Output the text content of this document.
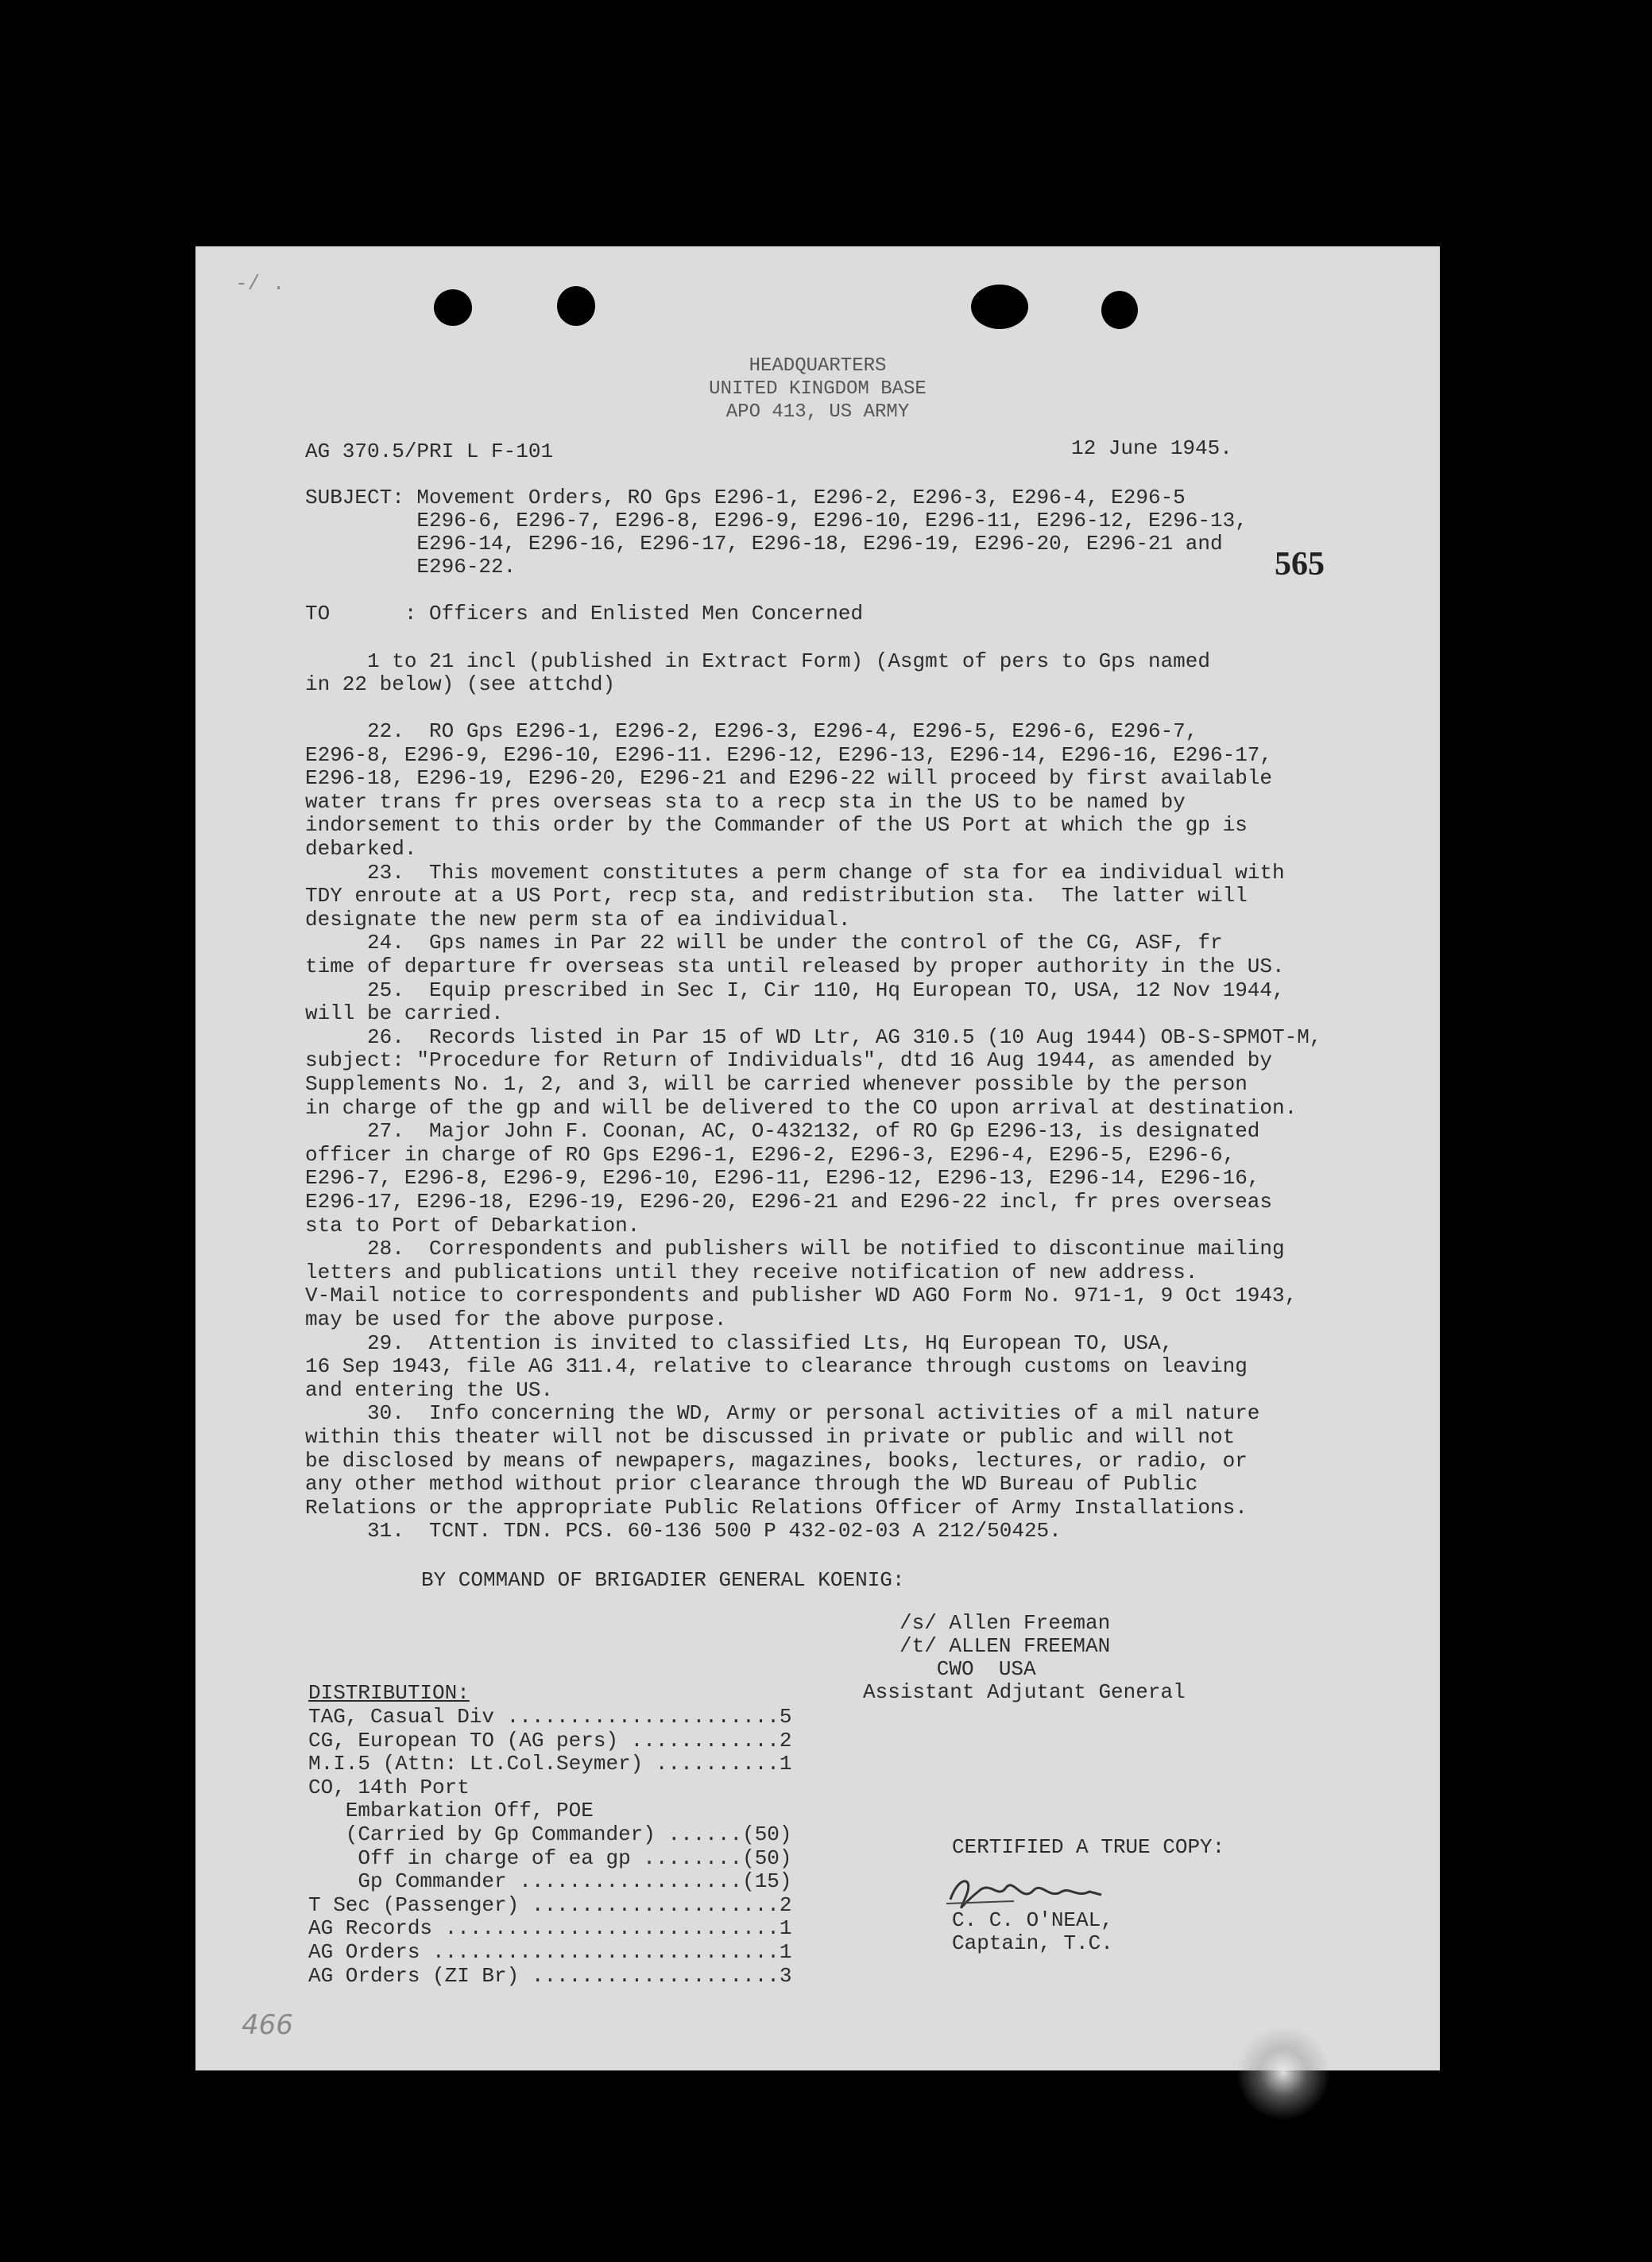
-/ .
HEADQUARTERS
UNITED KINGDOM BASE
APO 413, US ARMY
AG 370.5/PRI L F-101	12 June 1945.
SUBJECT: Movement Orders, RO Gps E296-1, E296-2, E296-3, E296-4, E296-5
E296-6, E296-7, E296-8, E296-9, E296-10, E296-11, E296-12, E296-13,
E296-14, E296-16, E296-17, E296-18, E296-19, E296-20, E296-21 and
E296-22.	565
TO      : Officers and Enlisted Men Concerned
1 to 21 incl (published in Extract Form) (Asgmt of pers to Gps named
in 22 below) (see attchd)
22.  RO Gps E296-1, E296-2, E296-3, E296-4, E296-5, E296-6, E296-7,
E296-8, E296-9, E296-10, E296-11. E296-12, E296-13, E296-14, E296-16, E296-17,
E296-18, E296-19, E296-20, E296-21 and E296-22 will proceed by first available
water trans fr pres overseas sta to a recp sta in the US to be named by
indorsement to this order by the Commander of the US Port at which the gp is
debarked.
23.  This movement constitutes a perm change of sta for ea individual with
TDY enroute at a US Port, recp sta, and redistribution sta.  The latter will
designate the new perm sta of ea individual.
24.  Gps names in Par 22 will be under the control of the CG, ASF, fr
time of departure fr overseas sta until released by proper authority in the US.
25.  Equip prescribed in Sec I, Cir 110, Hq European TO, USA, 12 Nov 1944,
will be carried.
26.  Records listed in Par 15 of WD Ltr, AG 310.5 (10 Aug 1944) OB-S-SPMOT-M,
subject: "Procedure for Return of Individuals", dtd 16 Aug 1944, as amended by
Supplements No. 1, 2, and 3, will be carried whenever possible by the person
in charge of the gp and will be delivered to the CO upon arrival at destination.
27.  Major John F. Coonan, AC, O-432132, of RO Gp E296-13, is designated
officer in charge of RO Gps E296-1, E296-2, E296-3, E296-4, E296-5, E296-6,
E296-7, E296-8, E296-9, E296-10, E296-11, E296-12, E296-13, E296-14, E296-16,
E296-17, E296-18, E296-19, E296-20, E296-21 and E296-22 incl, fr pres overseas
sta to Port of Debarkation.
28.  Correspondents and publishers will be notified to discontinue mailing
letters and publications until they receive notification of new address.
V-Mail notice to correspondents and publisher WD AGO Form No. 971-1, 9 Oct 1943,
may be used for the above purpose.
29.  Attention is invited to classified Lts, Hq European TO, USA,
16 Sep 1943, file AG 311.4, relative to clearance through customs on leaving
and entering the US.
30.  Info concerning the WD, Army or personal activities of a mil nature
within this theater will not be discussed in private or public and will not
be disclosed by means of newpapers, magazines, books, lectures, or radio, or
any other method without prior clearance through the WD Bureau of Public
Relations or the appropriate Public Relations Officer of Army Installations.
31.  TCNT. TDN. PCS. 60-136 500 P 432-02-03 A 212/50425.
BY COMMAND OF BRIGADIER GENERAL KOENIG:
/s/ Allen Freeman
/t/ ALLEN FREEMAN
CWO  USA
Assistant Adjutant General
DISTRIBUTION:
TAG, Casual Div ......................5
CG, European TO (AG pers) ............2
M.I.5 (Attn: Lt.Col.Seymer) ..........1
CO, 14th Port
Embarkation Off, POE
(Carried by Gp Commander) ......(50)
Off in charge of ea gp ........(50)
Gp Commander ..................(15)
T Sec (Passenger) ....................2
AG Records ...........................1
AG Orders ............................1
AG Orders (ZI Br) ....................3
CERTIFIED A TRUE COPY:
C. C. O'NEAL,
Captain, T.C.
466
